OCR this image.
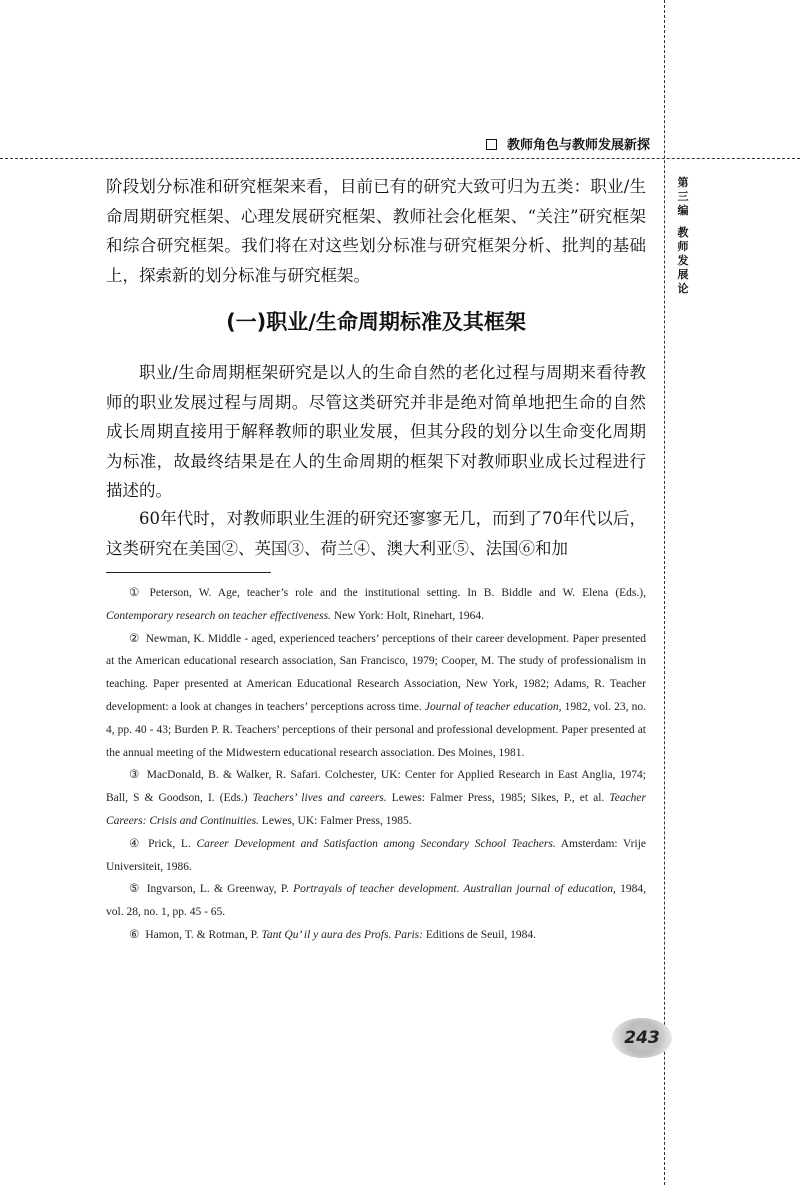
教师角色与教师发展新探
第三编
教师发展论

阶段划分标准和研究框架来看，目前已有的研究大致可归为五类：职业/生命周期研究框架、心理发展研究框架、教师社会化框架、“关注”研究框架和综合研究框架。我们将在对这些划分标准与研究框架分析、批判的基础上，探索新的划分标准与研究框架。

(一)职业/生命周期标准及其框架

职业/生命周期框架研究是以人的生命自然的老化过程与周期来看待教师的职业发展过程与周期。尽管这类研究并非是绝对简单地把生命的自然成长周期直接用于解释教师的职业发展，但其分段的划分以生命变化周期为标准，故最终结果是在人的生命周期的框架下对教师职业成长过程进行描述的。

60年代时，对教师职业生涯的研究还寥寥无几，而到了70年代以后，这类研究在美国②、英国③、荷兰④、澳大利亚⑤、法国⑥和加

① Peterson, W. Age, teacher’s role and the institutional setting. In B. Biddle and W. Elena (Eds.), Contemporary research on teacher effectiveness. New York: Holt, Rinehart, 1964.
② Newman, K. Middle - aged, experienced teachers’ perceptions of their career development. Paper presented at the American educational research association, San Francisco, 1979; Cooper, M. The study of professionalism in teaching. Paper presented at American Educational Research Association, New York, 1982; Adams, R. Teacher development: a look at changes in teachers’ perceptions across time. Journal of teacher education, 1982, vol. 23, no. 4, pp. 40 - 43; Burden P. R. Teachers’ perceptions of their personal and professional development. Paper presented at the annual meeting of the Midwestern educational research association. Des Moines, 1981.
③ MacDonald, B. & Walker, R. Safari. Colchester, UK: Center for Applied Research in East Anglia, 1974; Ball, S & Goodson, I. (Eds.) Teachers’ lives and careers. Lewes: Falmer Press, 1985; Sikes, P., et al. Teacher Careers: Crisis and Continuities. Lewes, UK: Falmer Press, 1985.
④ Prick, L. Career Development and Satisfaction among Secondary School Teachers. Amsterdam: Vrije Universiteit, 1986.
⑤ Ingvarson, L. & Greenway, P. Portrayals of teacher development. Australian journal of education, 1984, vol. 28, no. 1, pp. 45 - 65.
⑥ Hamon, T. & Rotman, P. Tant Qu’ il y aura des Profs. Paris: Editions de Seuil, 1984.
243
